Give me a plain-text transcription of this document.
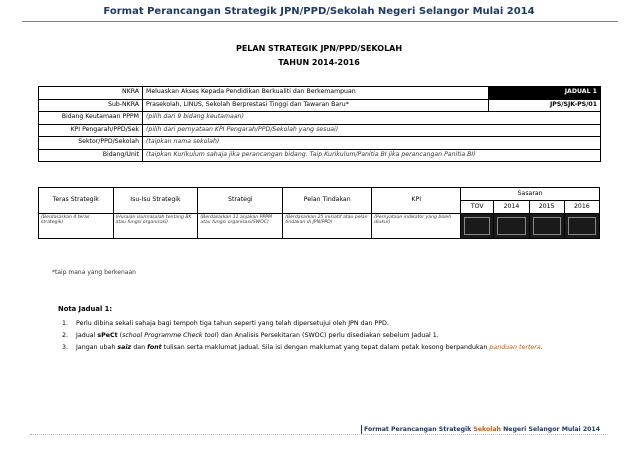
Format Perancangan Strategik JPN/PPD/Sekolah Negeri Selangor Mulai 2014
PELAN STRATEGIK JPN/PPD/SEKOLAH
TAHUN 2014-2016
NKRA	Meluaskan Akses Kepada Pendidikan Berkualiti dan Berkemampuan	JADUAL 1
Sub-NKRA	Prasekolah, LINUS, Sekolah Berprestasi Tinggi dan Tawaran Baru*	JPS/SJK-PS/01
Bidang Keutamaan PPPM	(pilih dari 9 bidang keutamaan)	
KPI Pengarah/PPD/Sek	(pilih dari pernyataan KPI Pengarah/PPD/Sekolah yang sesuai)	
Sektor/PPD/Sekolah	(taipkan nama sekolah)	
Bidang/Unit	(taipkan Kurikulum sahaja jika perancangan bidang. Taip Kurikulum/Panitia BI jika perancangan Panitia BI)	
Teras Strategik	Isu-Isu Strategik	Strategi	Pelan Tindakan	KPI	Sasaran			
					TOV	2014	2015	2016
(Berdasarkan 4 teras strategik)	(Huraian isu/masalah tentang BK atau fungsi organisasi)	(Berdasarkan 11 anjakan PPPM atau fungsi organisasi/SWOC)	(Berdasarkan 25 inisiatif atau pelan tindakan di JPN/PPD)	(Pernyataan indikator yang boleh diukur)				
*taip mana yang berkenaan
Nota Jadual 1:
1.	Perlu dibina sekali sahaja bagi tempoh tiga tahun seperti yang telah dipersetujui oleh JPN dan PPD.
2.	Jadual sPeCt (school Programme Check tool) dan Analisis Persekitaran (SWOC) perlu disediakan sebelum Jadual 1.
3.	Jangan ubah saiz dan font tulisan serta maklumat jadual. Sila isi dengan maklumat yang tepat dalam petak kosong berpandukan panduan tertera.
Format Perancangan Strategik Sekolah Negeri Selangor Mulai 2014
